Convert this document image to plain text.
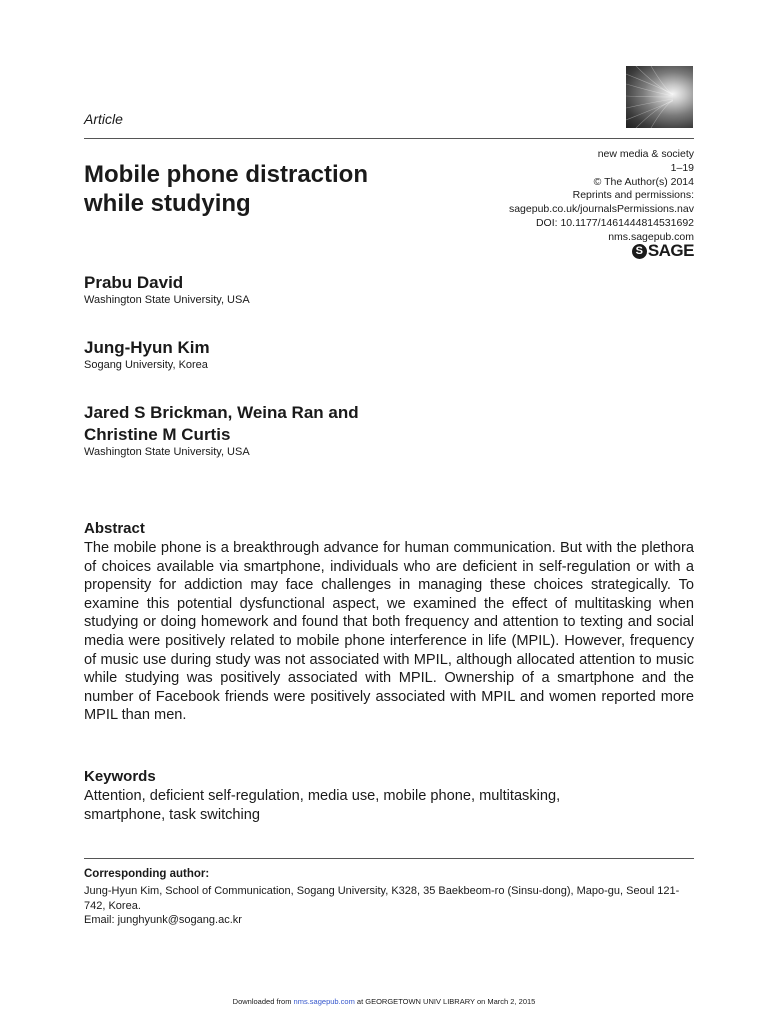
Article
new media & society
1–19
© The Author(s) 2014
Reprints and permissions:
sagepub.co.uk/journalsPermissions.nav
DOI: 10.1177/1461444814531692
nms.sagepub.com
S SAGE
Mobile phone distraction
while studying
Prabu David
Washington State University, USA
Jung-Hyun Kim
Sogang University, Korea
Jared S Brickman, Weina Ran and
Christine M Curtis
Washington State University, USA
Abstract
The mobile phone is a breakthrough advance for human communication. But with the plethora of choices available via smartphone, individuals who are deficient in self-regulation or with a propensity for addiction may face challenges in managing these choices strategically. To examine this potential dysfunctional aspect, we examined the effect of multitasking when studying or doing homework and found that both frequency and attention to texting and social media were positively related to mobile phone interference in life (MPIL). However, frequency of music use during study was not associated with MPIL, although allocated attention to music while studying was positively associated with MPIL. Ownership of a smartphone and the number of Facebook friends were positively associated with MPIL and women reported more MPIL than men.
Keywords
Attention, deficient self-regulation, media use, mobile phone, multitasking, smartphone, task switching
Corresponding author:
Jung-Hyun Kim, School of Communication, Sogang University, K328, 35 Baekbeom-ro (Sinsu-dong), Mapo-gu, Seoul 121-742, Korea.
Email: junghyunk@sogang.ac.kr
Downloaded from nms.sagepub.com at GEORGETOWN UNIV LIBRARY on March 2, 2015
